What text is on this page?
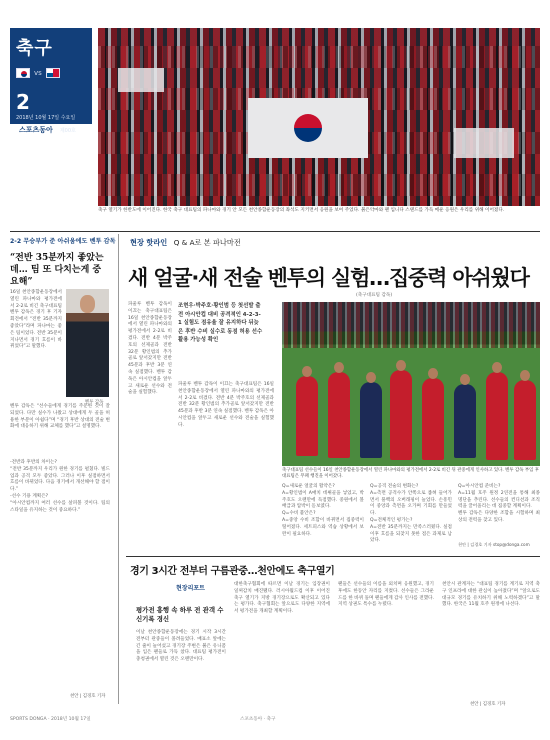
축구
vs
2
2018년 10월 17일 수요일
스포츠동아	제00호
축구 열기가 한반도에 이어진다. 한국 축구 대표팀의 파나마와 경기 안 모든 천안종합운동장의 좌석도 지키면서 응원을 보여 주었다. 붉은악마와 팬 입니다 스탠드를 가득 메운 응원은 우리를 위해 이어졌다.
2-2 무승부가 준 아쉬움에도 벤투 감독
“전반 35분까지 좋았는데… 팀 또 다치는게 중요해”
16일 천안종합운동장에서 열린 파나마와 평가전에 서 2-2로 비긴 축구대표팀 벤투 감독은 경기 후 기자회견에서 “전반 35분까지 좋았다”라며 파나마는 좋은 팀이었다. 전반 35분이 지나면서 경기 흐름이 바뀌었다”고 말했다.
벤투 감독
벤투 감독은 “선수들에게 경기를 주문한 것이 잘 되었다. 다만 실수가 나왔고 상대에게 두 골을 허용한 부분이 아쉽다”며 “경기 후반 상대의 전술 변화에 대응하기 위해 교체를 했다”고 설명했다.
-전반과 후반의 차이는?
“전반 35분까지 우리가 원한 경기를 펼쳤다. 빌드업과 공격 모두 좋았다. 그러나 이후 실점하면서 흐름이 바뀌었다. 다음 경기에서 개선해야 할 점이다.”
-선수 기용 계획은?
“아시안컵까지 여러 선수를 살펴볼 것이다. 팀의 스타일을 유지하는 것이 중요하다.”
천안 | 김경호 기자
현장 핫라인 Q & A로 본 파나마전
새 얼굴·새 전술 벤투의 실험…집중력 아쉬웠다
(축구대표팀 감독)
파울루 벤투 감독이 이끄는 축구대표팀은 16일 천안종합운동장에서 열린 파나마와의 평가전에서 2-2로 비겼다. 전반 4분 박주호의 선제골과 전반 32분 황인범의 추가골로 앞서갔지만 전반 45분과 후반 3분 연속 실점했다. 벤투 감독은 아시안컵을 앞두고 새로운 선수와 전술을 실험했다.
조현우·박주호·황인범 등 첫선발 출전 아시안컵 대비 공격적인 4-2-3-1 실험도 점유율 잘 유지하다 뒤늦은 후반 수비 실수로 동점 허용 선수 활용 가능성 확인
파울루 벤투 감독이 이끄는 축구대표팀은 16일 천안종합운동장에서 열린 파나마와의 평가전에서 2-2로 비겼다. 전반 4분 박주호의 선제골과 전반 32분 황인범의 추가골로 앞서갔지만 전반 45분과 후반 3분 연속 실점했다. 벤투 감독은 아시안컵을 앞두고 새로운 선수와 전술을 실험했다.
축구대표팀 선수들이 16일 천안종합운동장에서 열린 파나마와의 평가전에서 2-2로 비긴 뒤 관중에게 인사하고 있다. 벤투 감독 부임 후 대표팀은 무패 행진을 이어갔다.
Q=새로운 얼굴의 활약은?
A=황인범이 A매치 데뷔골을 넣었고, 박주호도 오랜만에 득점했다. 중원에서 볼 배급과 압박이 돋보였다.
Q=수비 불안은?
A=중앙 수비 조합이 바뀌면서 집중력이 떨어졌다. 세트피스와 역습 상황에서 보완이 필요하다.
Q=공격 전술의 변화는?
A=측면 공격수가 안쪽으로 좁혀 들어가면서 풀백의 오버래핑이 늘었다. 손흥민이 중앙과 측면을 오가며 기회를 만들었다.
Q=전체적인 평가는?
A=전반 35분까지는 만족스러웠다. 실점 이후 흐름을 되찾지 못한 점은 과제로 남았다.
Q=아시안컵 준비는?
A=11월 호주 원정 2연전을 통해 최종 명단을 추린다. 선수들의 컨디션과 조직력을 끌어올리는 데 집중할 계획이다.
벤투 감독은 다양한 조합을 시험하며 최상의 전력을 찾고 있다.
천안 | 김경호 기자 stop@donga.com
경기 3시간 전부터 구름관중…천안에도 축구열기
현장리포트
평가전 흥행 속 하루 전 관객 수 신기록 경신
이날 천안종합운동장에는 경기 시작 3시간 전부터 관중들이 몰려들었다. 매표소 앞에는 긴 줄이 늘어섰고 경기장 주변은 붉은 유니폼을 입은 팬들로 가득 찼다. 대표팀 평가전이 충청권에서 열린 것은 오랜만이다.
대한축구협회에 따르면 이날 경기는 입장권이 일찌감치 매진됐다. 러시아월드컵 이후 이어진 축구 열기가 지방 경기장으로도 확산되고 있다는 평가다. 축구협회는 앞으로도 다양한 지역에서 평가전을 개최할 계획이다.
팬들은 선수들의 이름을 외치며 응원했고, 경기 후에도 한동안 자리를 지켰다. 선수들은 그라운드를 한 바퀴 돌며 팬들에게 감사 인사를 전했다. 지역 상권도 특수를 누렸다.
천안시 관계자는 “대표팀 경기를 계기로 지역 축구 인프라에 대한 관심이 높아졌다”며 “앞으로도 대규모 경기를 유치하기 위해 노력하겠다”고 말했다. 한국은 11월 호주 원정에 나선다.
천안 | 김경호 기자
SPORTS DONGA · 2018년 10월 17일	스포츠동아 · 축구
